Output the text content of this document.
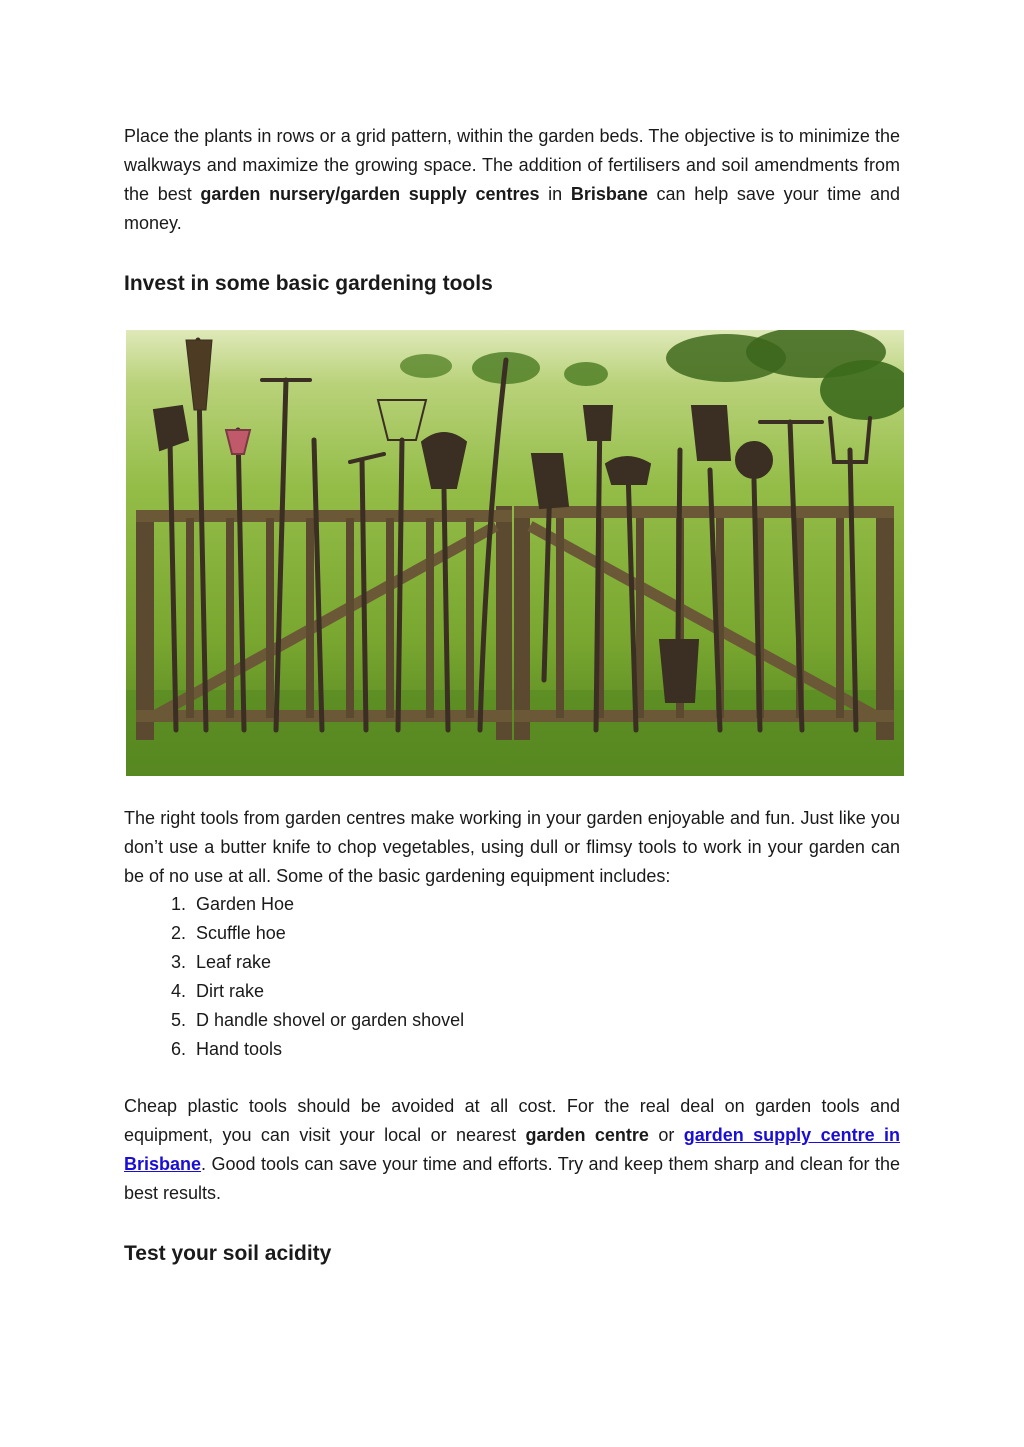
Place the plants in rows or a grid pattern, within the garden beds. The objective is to minimize the walkways and maximize the growing space. The addition of fertilisers and soil amendments from the best garden nursery/garden supply centres in Brisbane can help save your time and money.

Invest in some basic gardening tools

The right tools from garden centres make working in your garden enjoyable and fun. Just like you don’t use a butter knife to chop vegetables, using dull or flimsy tools to work in your garden can be of no use at all. Some of the basic gardening equipment includes:

1. Garden Hoe
2. Scuffle hoe
3. Leaf rake
4. Dirt rake
5. D handle shovel or garden shovel
6. Hand tools

Cheap plastic tools should be avoided at all cost. For the real deal on garden tools and equipment, you can visit your local or nearest garden centre or garden supply centre in Brisbane. Good tools can save your time and efforts. Try and keep them sharp and clean for the best results.

Test your soil acidity
